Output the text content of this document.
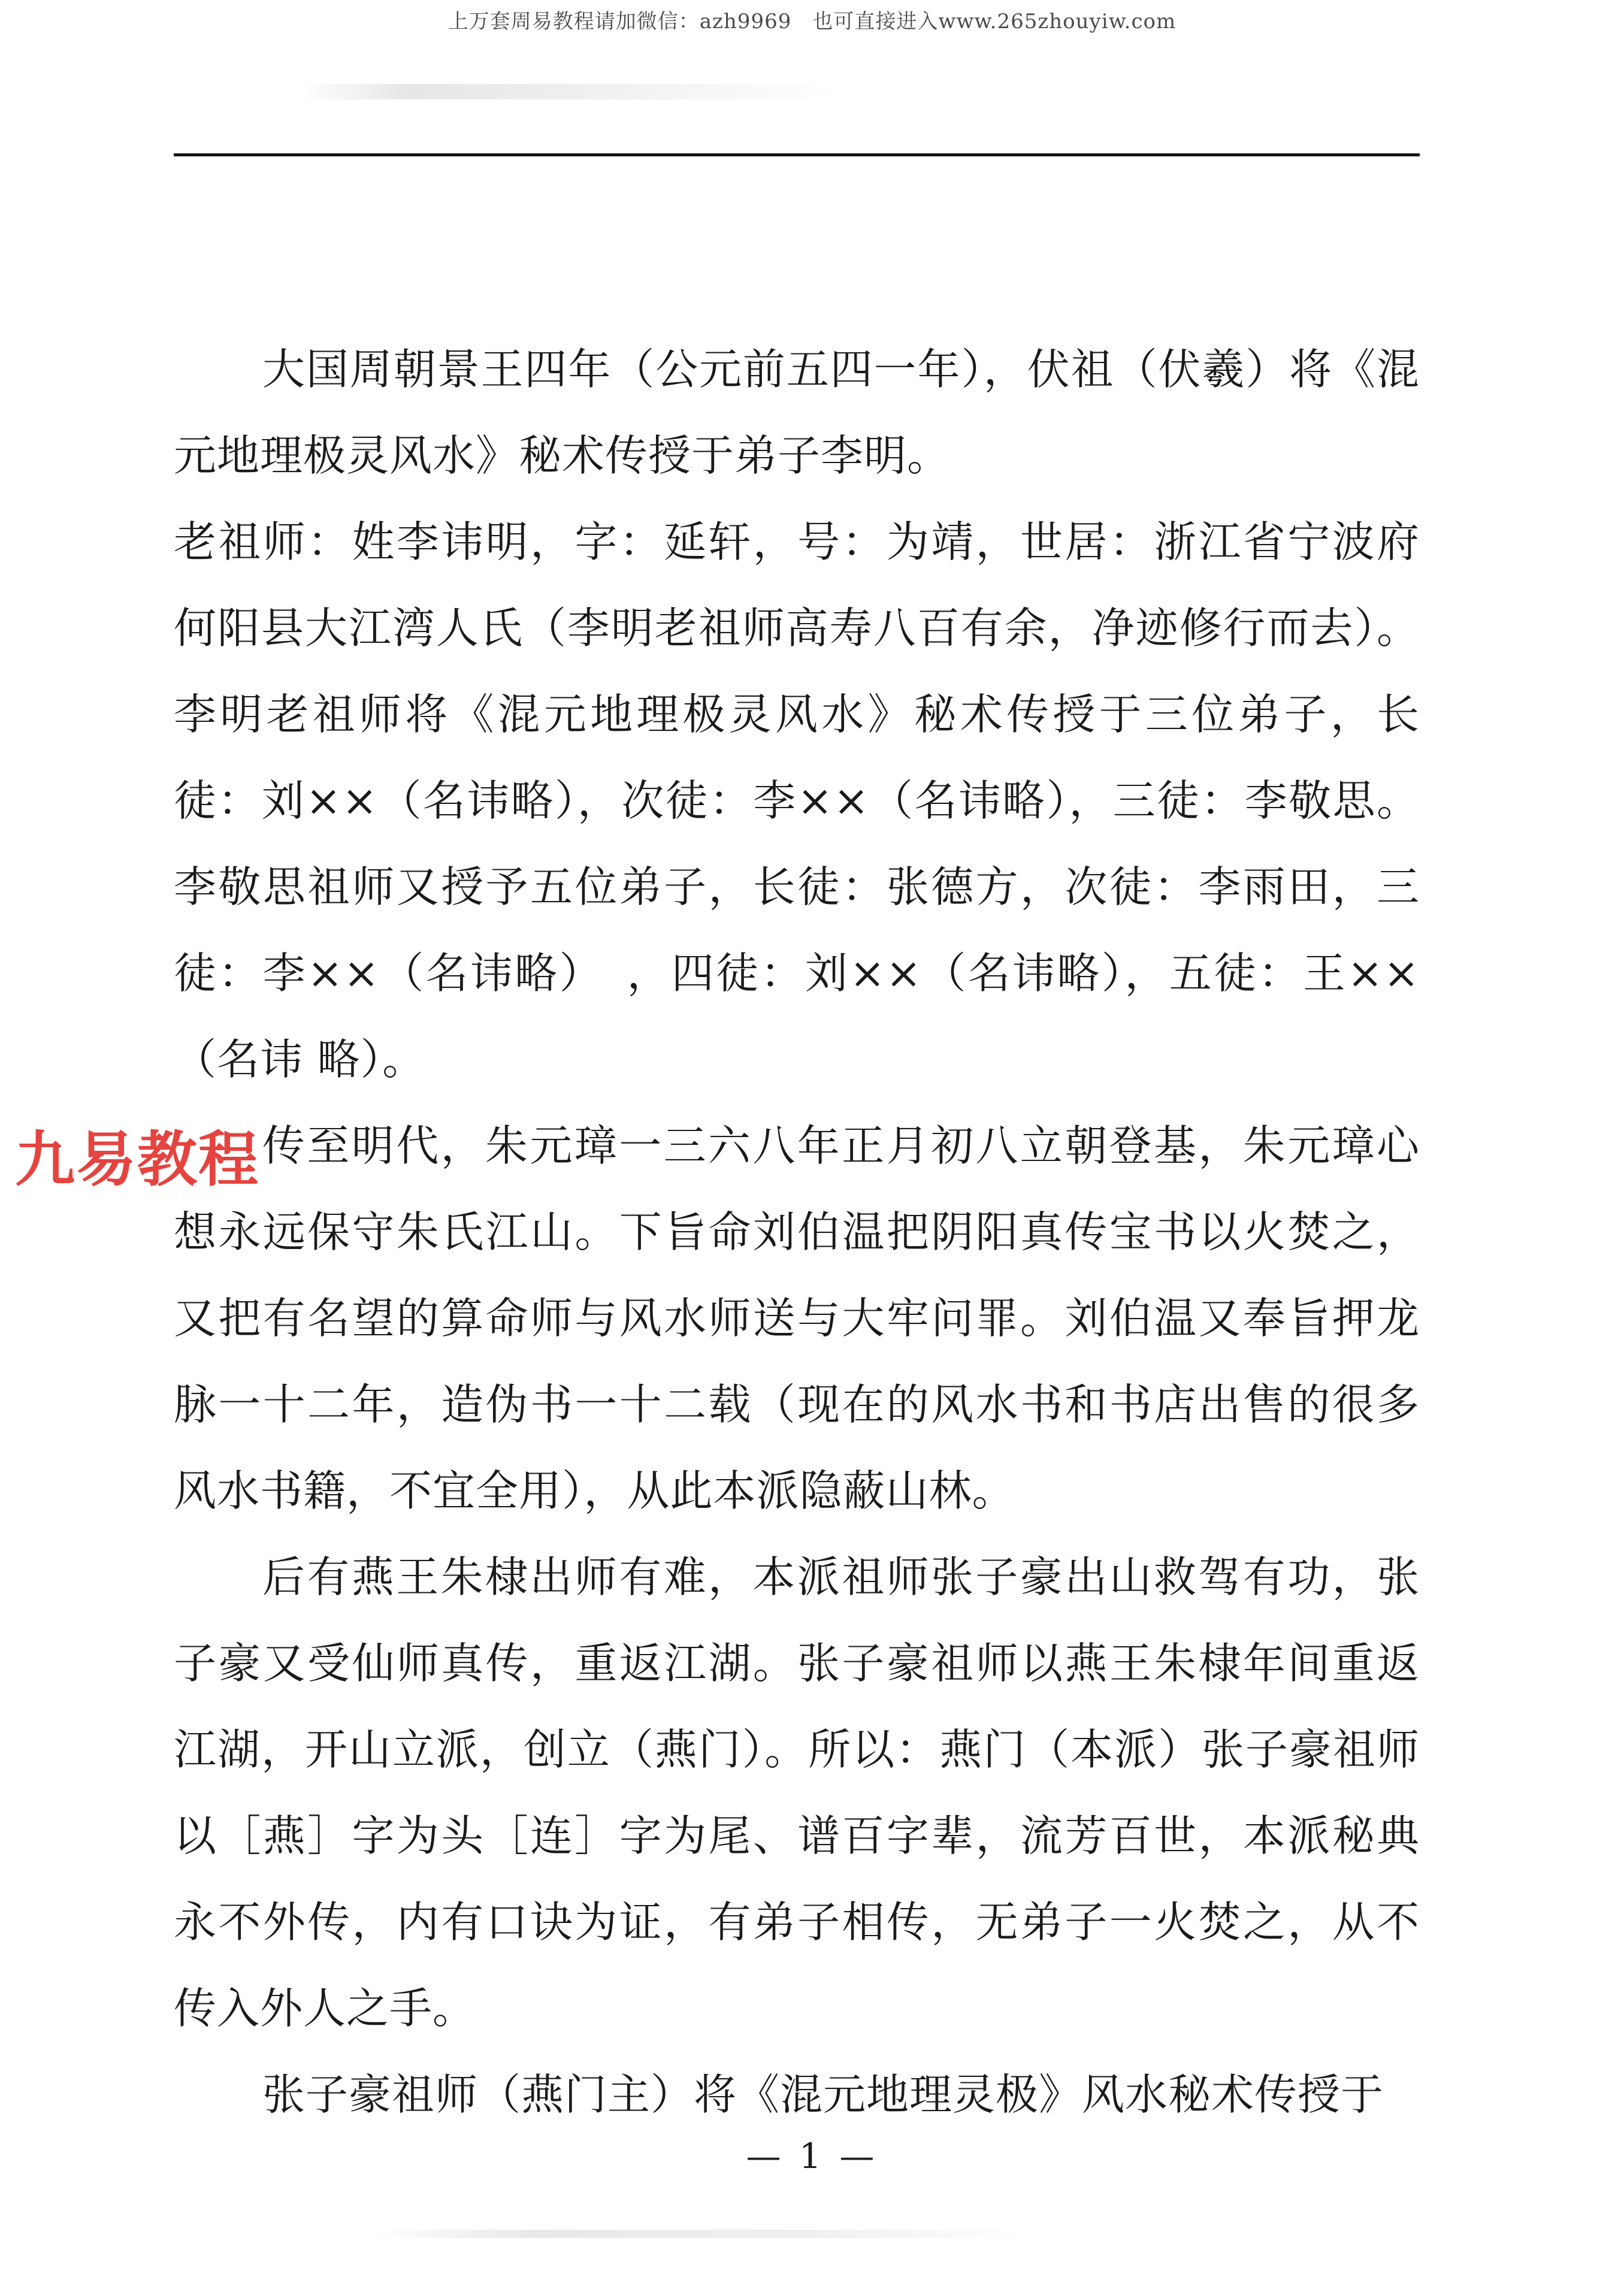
上万套周易教程请加微信：azh9969　也可直接进入www.265zhouyiw.com

大国周朝景王四年（公元前五四一年），伏祖（伏羲）将《混元地理极灵风水》秘术传授于弟子李明。

老祖师：姓李讳明，字：延轩，号：为靖，世居：浙江省宁波府何阳县大江湾人氏（李明老祖师高寿八百有余，净迹修行而去）。李明老祖师将《混元地理极灵风水》秘术传授于三位弟子，长徒：刘××（名讳略），次徒：李××（名讳略），三徒：李敬思。 李敬思祖师又授予五位弟子，长徒：张德方，次徒：李雨田，三徒：李××（名讳略）　，四徒：刘××（名讳略），五徒：王××（名讳 略）。

传至明代，朱元璋一三六八年正月初八立朝登基，朱元璋心想永远保守朱氏江山。下旨命刘伯温把阴阳真传宝书以火焚之，又把有名望的算命师与风水师送与大牢问罪。刘伯温又奉旨押龙脉一十二年，造伪书一十二载（现在的风水书和书店出售的很多风水书籍，不宜全用），从此本派隐蔽山林。

后有燕王朱棣出师有难，本派祖师张子豪出山救驾有功，张子豪又受仙师真传，重返江湖。张子豪祖师以燕王朱棣年间重返江湖，开山立派，创立（燕门）。所以：燕门（本派）张子豪祖师以［燕］字为头［连］字为尾、谱百字辈，流芳百世，本派秘典永不外传，内有口诀为证，有弟子相传，无弟子一火焚之，从不传入外人之手。

张子豪祖师（燕门主）将《混元地理灵极》风水秘术传授于

九易教程
— 1 —
